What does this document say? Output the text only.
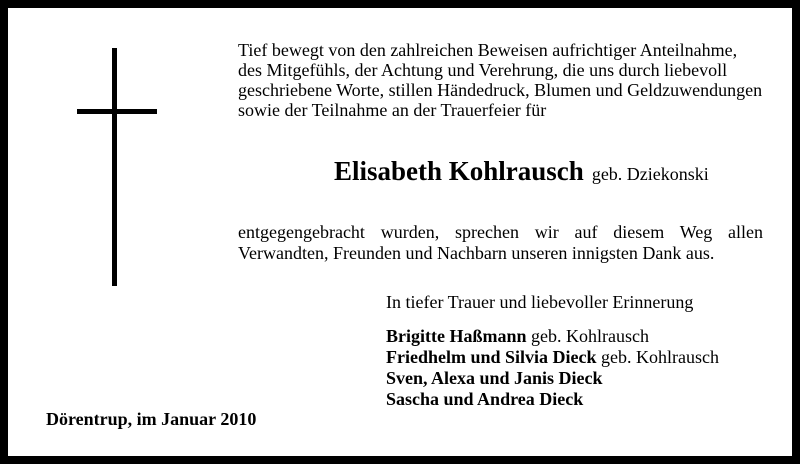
Tief bewegt von den zahlreichen Beweisen aufrichtiger Anteilnahme,
des Mitgefühls, der Achtung und Verehrung, die uns durch liebevoll
geschriebene Worte, stillen Händedruck, Blumen und Geldzuwendungen
sowie der Teilnahme an der Trauerfeier für
Elisabeth Kohlrausch geb. Dziekonski
entgegengebracht wurden, sprechen wir auf diesem Weg allen
Verwandten, Freunden und Nachbarn unseren innigsten Dank aus.
In tiefer Trauer und liebevoller Erinnerung
Brigitte Haßmann geb. Kohlrausch
Friedhelm und Silvia Dieck geb. Kohlrausch
Sven, Alexa und Janis Dieck
Sascha und Andrea Dieck
Dörentrup, im Januar 2010
